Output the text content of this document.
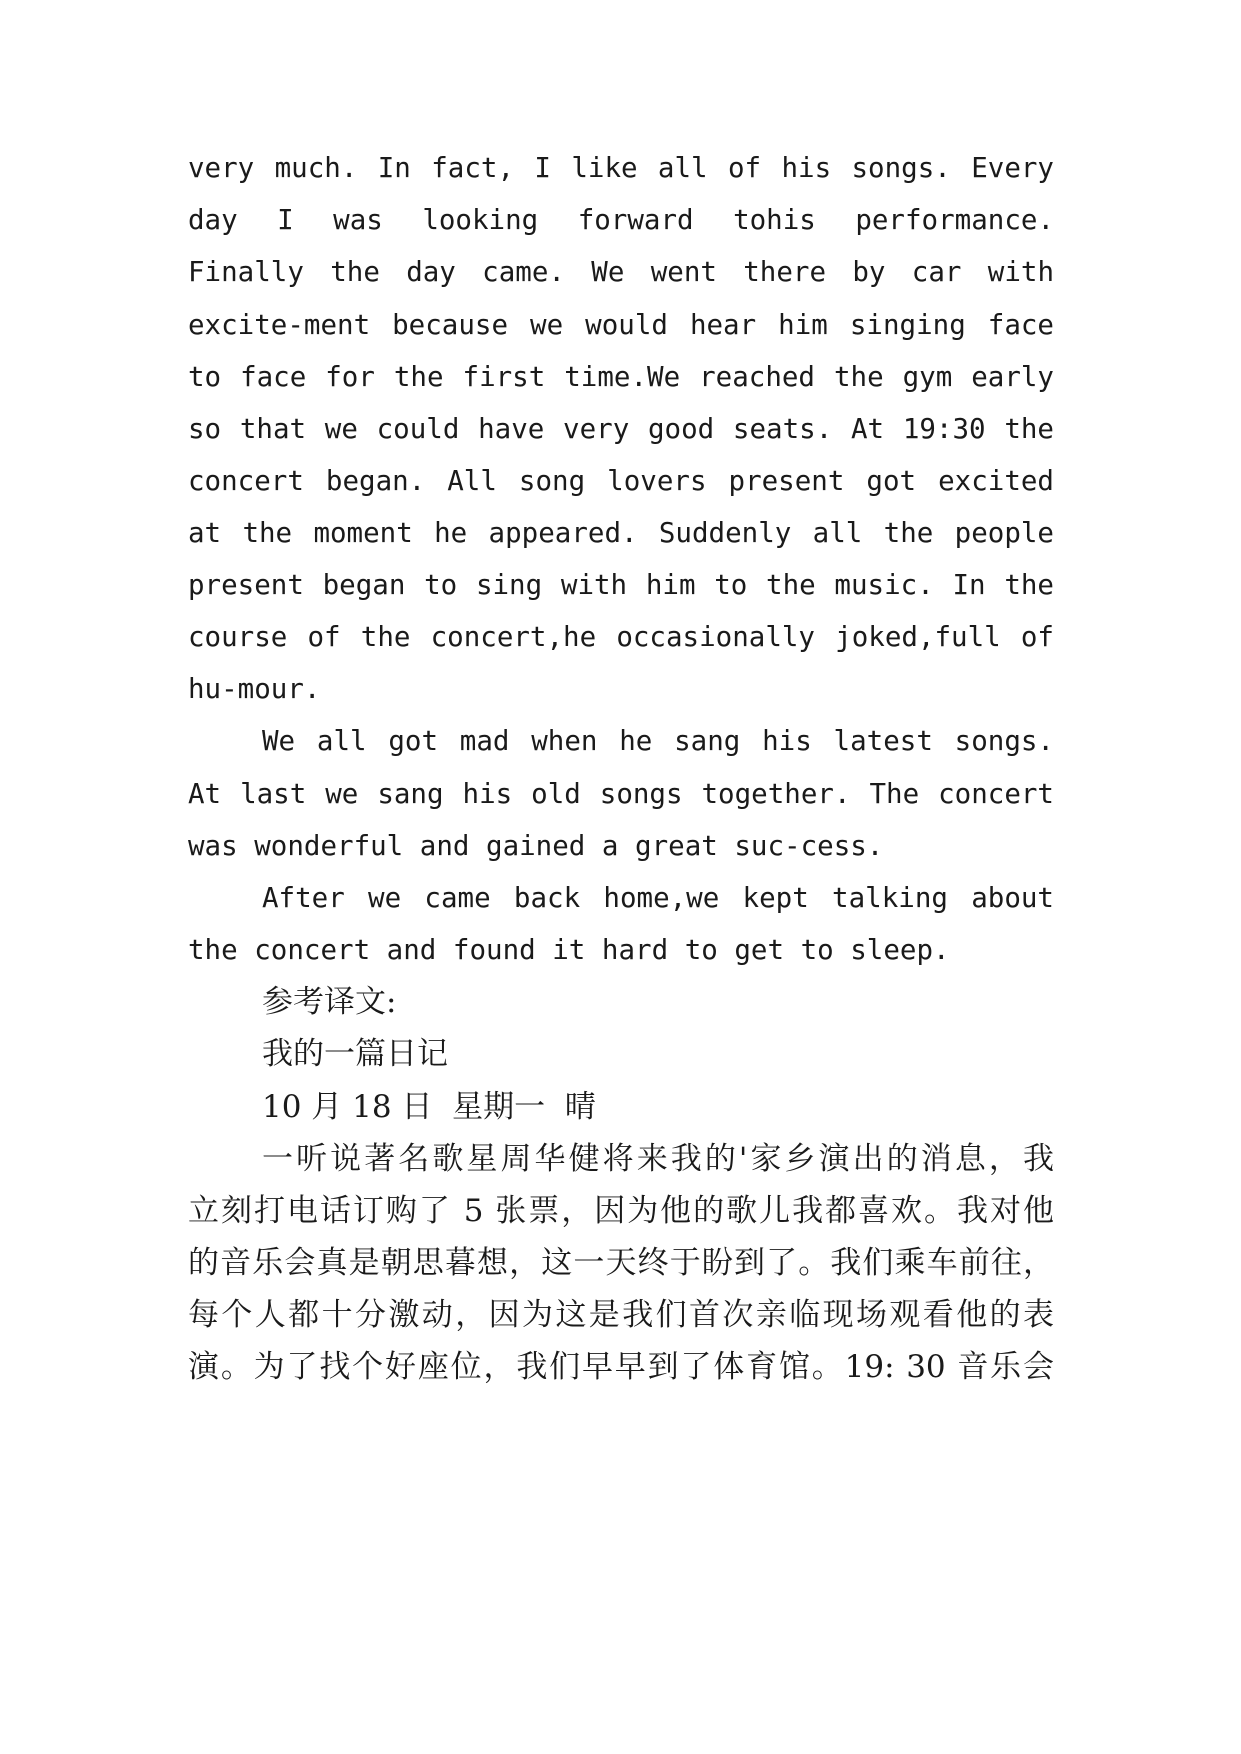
very much. In fact, I like all of his songs. Every
day I was looking forward tohis performance.
Finally the day came. We went there by car with
excite-ment because we would hear him singing face
to face for the first time.We reached the gym early
so that we could have very good seats. At 19:30 the
concert began. All song lovers present got excited
at the moment he appeared. Suddenly all the people
present began to sing with him to the music. In the
course of the concert,he occasionally joked,full of
hu-mour.
We all got mad when he sang his latest songs.
At last we sang his old songs together. The concert
was wonderful and gained a great suc-cess.
After we came back home,we kept talking about
the concert and found it hard to get to sleep.
参考译文:
我的一篇日记
10 月 18 日  星期一  晴
一听说著名歌星周华健将来我的'家乡演出的消息，我
立刻打电话订购了 5 张票，因为他的歌儿我都喜欢。我对他
的音乐会真是朝思暮想，这一天终于盼到了。我们乘车前往，
每个人都十分激动，因为这是我们首次亲临现场观看他的表
演。为了找个好座位，我们早早到了体育馆。19: 30 音乐会
